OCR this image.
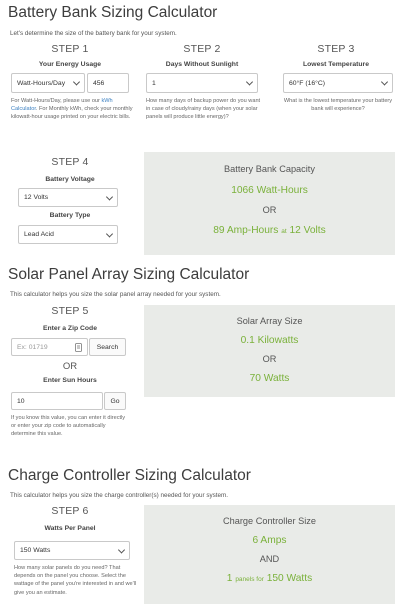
Battery Bank Sizing Calculator
Let's determine the size of the battery bank for your system.
STEP 1
Your Energy Usage
Watt-Hours/Day	456
For Watt-Hours/Day, please use our kWh Calculator. For Monthly kWh, check your monthly kilowatt-hour usage printed on your electric bills.
STEP 2
Days Without Sunlight
1
How many days of backup power do you want in case of cloudy/rainy days (when your solar panels will produce little energy)?
STEP 3
Lowest Temperature
60°F (16°C)
What is the lowest temperature your battery bank will experience?
STEP 4
Battery Voltage
12 Volts
Battery Type
Lead Acid
Battery Bank Capacity
1066 Watt-Hours
OR
89 Amp-Hours at 12 Volts
Solar Panel Array Sizing Calculator
This calculator helps you size the solar panel array needed for your system.
STEP 5
Enter a Zip Code
Ex: 01719	Search
OR
Enter Sun Hours
10	Go
If you know this value, you can enter it directly or enter your zip code to automatically determine this value.
Solar Array Size
0.1 Kilowatts
OR
70 Watts
Charge Controller Sizing Calculator
This calculator helps you size the charge controller(s) needed for your system.
STEP 6
Watts Per Panel
150 Watts
How many solar panels do you need? That depends on the panel you choose. Select the wattage of the panel you're interested in and we'll give you an estimate.
Charge Controller Size
6 Amps
AND
1 panels for 150 Watts
